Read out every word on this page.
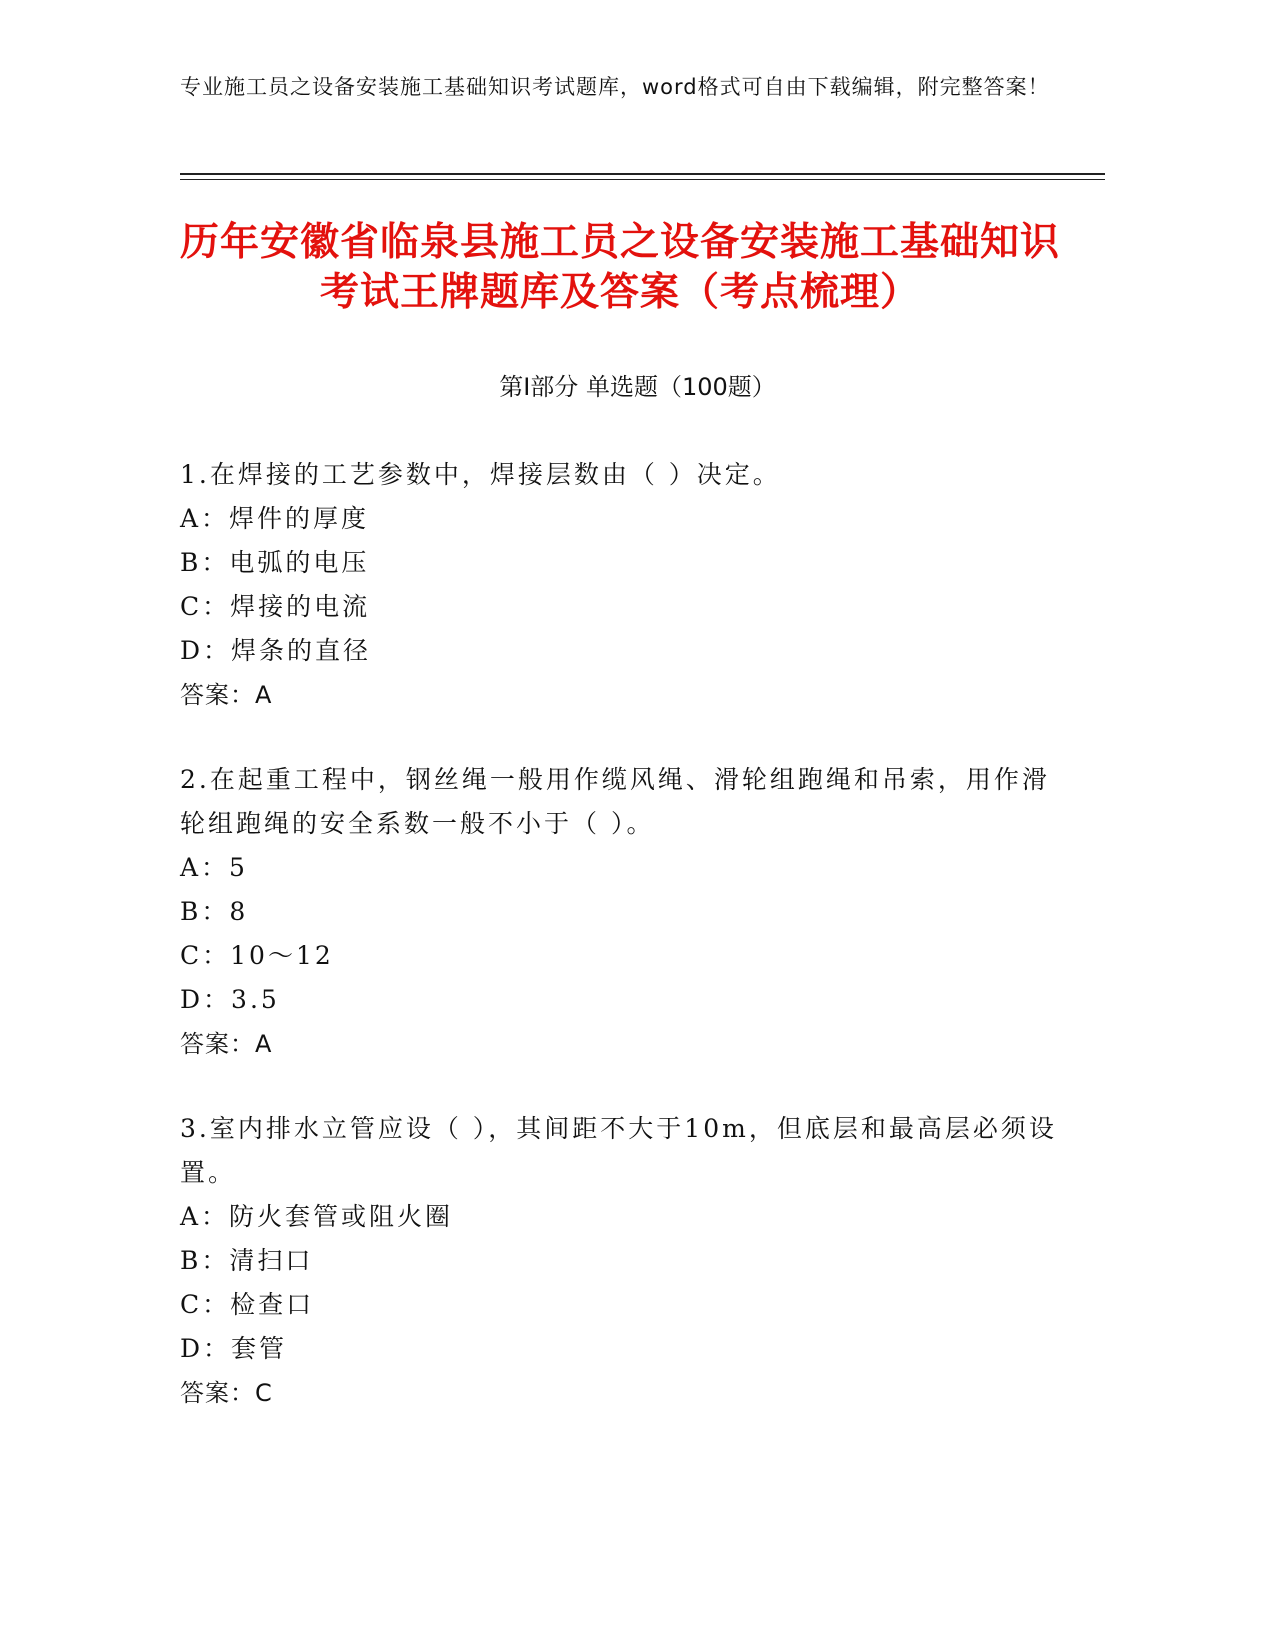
专业施工员之设备安装施工基础知识考试题库，word格式可自由下载编辑，附完整答案！
历年安徽省临泉县施工员之设备安装施工基础知识考试王牌题库及答案（考点梳理）
第Ⅰ部分 单选题（100题）
1.在焊接的工艺参数中，焊接层数由（ ）决定。
A：焊件的厚度
B：电弧的电压
C：焊接的电流
D：焊条的直径
答案：A
2.在起重工程中，钢丝绳一般用作缆风绳、滑轮组跑绳和吊索，用作滑轮组跑绳的安全系数一般不小于（ ）。
A：5
B：8
C：10～12
D：3.5
答案：A
3.室内排水立管应设（ ），其间距不大于10m，但底层和最高层必须设置。
A：防火套管或阻火圈
B：清扫口
C：检查口
D：套管
答案：C
